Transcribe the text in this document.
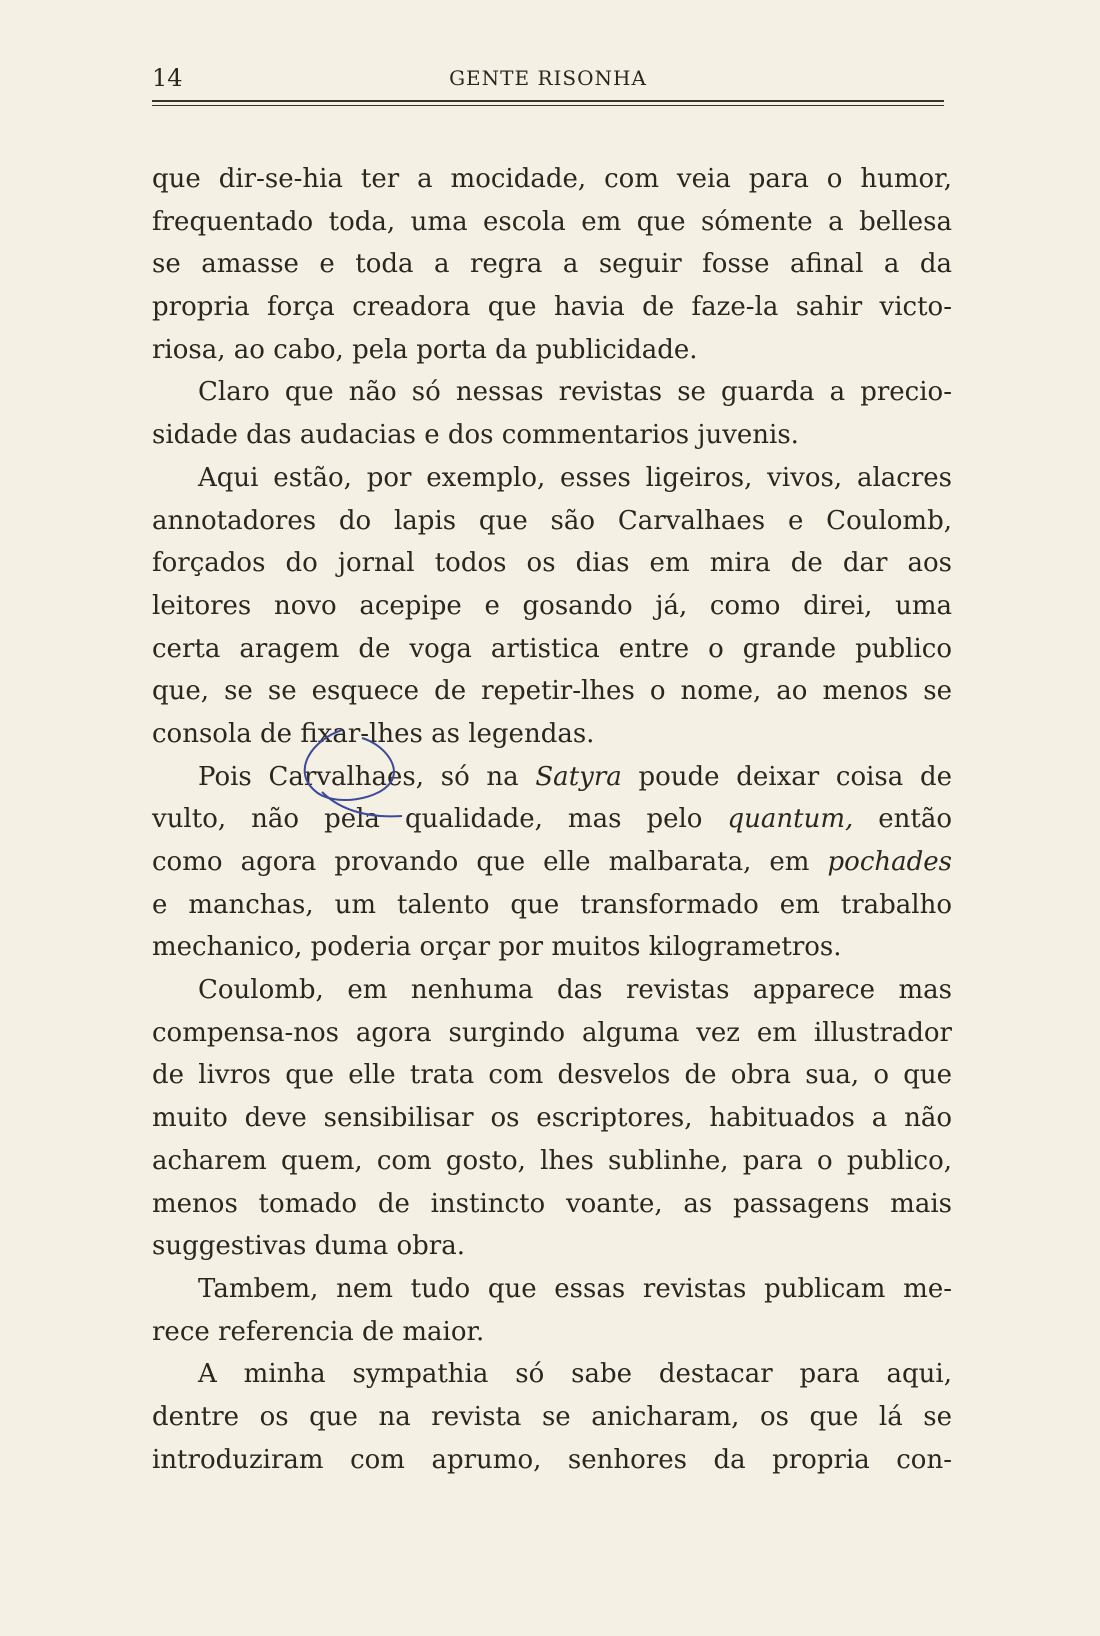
14	GENTE RISONHA
que dir-se-hia ter a mocidade, com veia para o humor,
frequentado toda, uma escola em que sómente a bellesa
se amasse e toda a regra a seguir fosse afinal a da
propria força creadora que havia de faze-la sahir victo-
riosa, ao cabo, pela porta da publicidade.
Claro que não só nessas revistas se guarda a precio-
sidade das audacias e dos commentarios juvenis.
Aqui estão, por exemplo, esses ligeiros, vivos, alacres
annotadores do lapis que são Carvalhaes e Coulomb,
forçados do jornal todos os dias em mira de dar aos
leitores novo acepipe e gosando já, como direi, uma
certa aragem de voga artistica entre o grande publico
que, se se esquece de repetir-lhes o nome, ao menos se
consola de fixar-lhes as legendas.
Pois Carvalhaes, só na Satyra poude deixar coisa de
vulto, não pela qualidade, mas pelo quantum, então
como agora provando que elle malbarata, em pochades
e manchas, um talento que transformado em trabalho
mechanico, poderia orçar por muitos kilogrametros.
Coulomb, em nenhuma das revistas apparece mas
compensa-nos agora surgindo alguma vez em illustrador
de livros que elle trata com desvelos de obra sua, o que
muito deve sensibilisar os escriptores, habituados a não
acharem quem, com gosto, lhes sublinhe, para o publico,
menos tomado de instincto voante, as passagens mais
suggestivas duma obra.
Tambem, nem tudo que essas revistas publicam me-
rece referencia de maior.
A minha sympathia só sabe destacar para aqui,
dentre os que na revista se anicharam, os que lá se
introduziram com aprumo, senhores da propria con-
